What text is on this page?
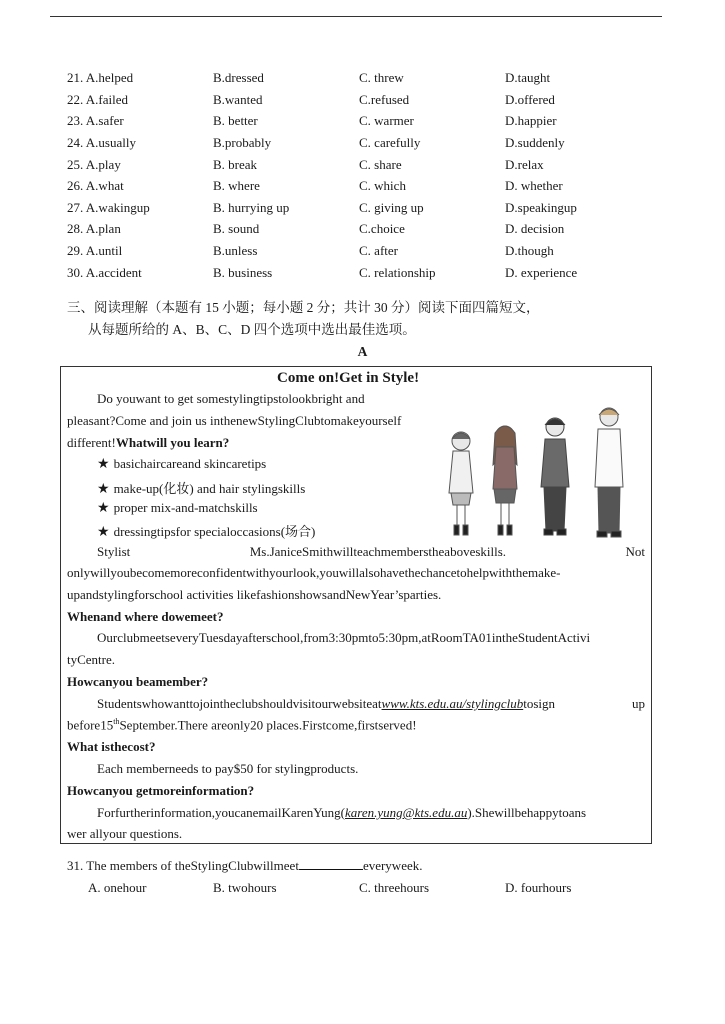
21. A.helped	B.dressed	C. threw	D.taught
22. A.failed	B.wanted	C.refused	D.offered
23. A.safer	B. better	C. warmer	D.happier
24. A.usually	B.probably	C. carefully	D.suddenly
25. A.play	B. break	C. share	D.relax
26. A.what	B. where	C. which	D. whether
27. A.wakingup	B. hurrying up	C. giving up	D.speakingup
28. A.plan	B. sound	C.choice	D. decision
29. A.until	B.unless	C. after	D.though
30. A.accident	B. business	C. relationship	D. experience
三、阅读理解（本题有 15 小题；每小题 2 分；共计 30 分）阅读下面四篇短文，
从每题所给的 A、B、C、D 四个选项中选出最佳选项。
A
Come on!Get in Style!
Do youwant to get somestylingtipstolookbright and
pleasant?Come and join us inthenewStylingClubtomakeyourself
different!Whatwill you learn?
★ basichaircareand skincaretips
★ make-up(化妆) and hair stylingskills
★ proper mix-and-matchskills
★ dressingtipsfor specialoccasions(场合)
Stylist	Ms.JaniceSmithwillteachmemberstheaboveskills.	Not
onlywillyoubecomemoreconfidentwithyourlook,youwillalsohavethechancetohelpwiththemake-
upandstylingforschool activities likefashionshowsandNewYear’sparties.
Whenand where dowemeet?
OurclubmeetseveryTuesdayafterschool,from3:30pmto5:30pm,atRoomTA01intheStudentActivi
tyCentre.
Howcanyou beamember?
Studentswhowanttojointheclubshouldvisitourwebsiteatwww.kts.edu.au/stylingclubtosign	up
before15thSeptember.There areonly20 places.Firstcome,firstserved!
What isthecost?
Each memberneeds to pay$50 for stylingproducts.
Howcanyou getmoreinformation?
Forfurtherinformation,youcanemailKarenYung(karen.yung@kts.edu.au).Shewillbehappytoans
wer allyour questions.
31. The members of theStylingClubwillmeet	everyweek.
A. onehour	B. twohours	C. threehours	D. fourhours
